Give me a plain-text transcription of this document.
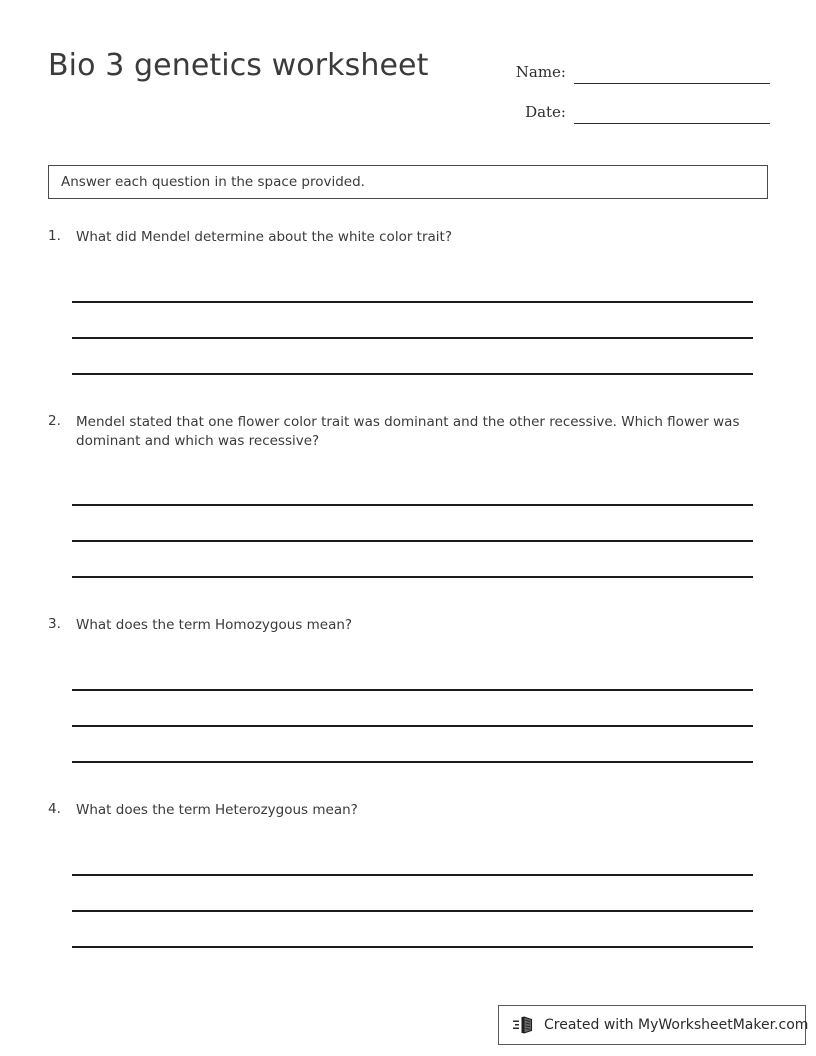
Bio 3 genetics worksheet	Name:
Date:
Answer each question in the space provided.
1. What did Mendel determine about the white color trait?
2. Mendel stated that one flower color trait was dominant and the other recessive. Which flower was dominant and which was recessive?
3. What does the term Homozygous mean?
4. What does the term Heterozygous mean?
Created with MyWorksheetMaker.com
